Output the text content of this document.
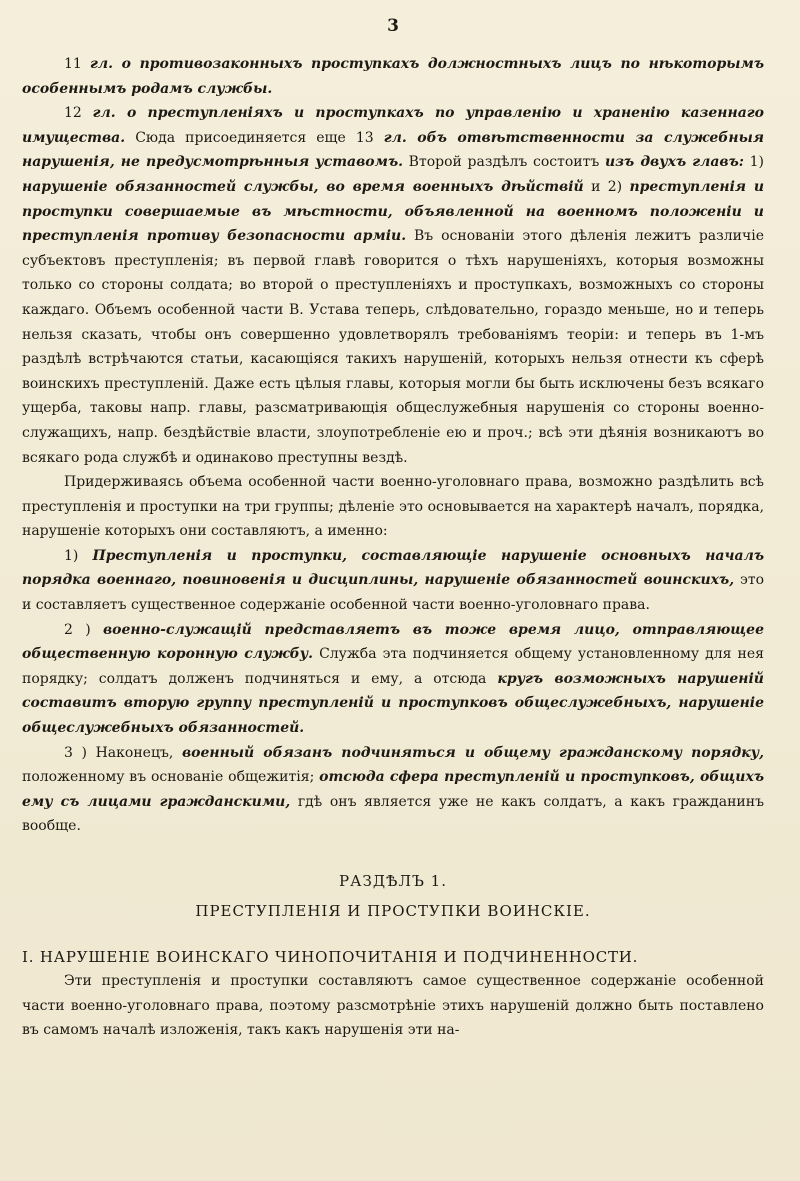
3

11 гл. о противозаконныхъ проступкахъ должностныхъ лицъ по нѣкоторымъ особеннымъ родамъ службы.

12 гл. о преступленіяхъ и проступкахъ по управленію и храненію казеннаго имущества. Сюда присоединяется еще 13 гл. объ отвѣтственности за служебныя нарушенія, не предусмотрѣнныя уставомъ. Второй раздѣлъ состоитъ изъ двухъ главъ: 1) нарушеніе обязанностей службы, во время военныхъ дѣйствій и 2) преступленія и проступки совершаемые въ мѣстности, объявленной на военномъ положеніи и преступленія противу безопасности арміи. Въ основаніи этого дѣленія лежитъ различіе субъектовъ преступленія; въ первой главѣ говорится о тѣхъ нарушеніяхъ, которыя возможны только со стороны солдата; во второй о преступленіяхъ и проступкахъ, возможныхъ со стороны каждаго. Объемъ особенной части В. Устава теперь, слѣдовательно, гораздо меньше, но и теперь нельзя сказать, чтобы онъ совершенно удовлетворялъ требованіямъ теоріи: и теперь въ 1-мъ раздѣлѣ встрѣчаются статьи, касающіяся такихъ нарушеній, которыхъ нельзя отнести къ сферѣ воинскихъ преступленій. Даже есть цѣлыя главы, которыя могли бы быть исключены безъ всякаго ущерба, таковы напр. главы, разсматривающія общеслужебныя нарушенія со стороны военно-служащихъ, напр. бездѣйствіе власти, злоупотребленіе ею и проч.; всѣ эти дѣянія возникаютъ во всякаго рода службѣ и одинаково преступны вездѣ.

Придерживаясь объема особенной части военно-уголовнаго права, возможно раздѣлить всѣ преступленія и проступки на три группы; дѣленіе это основывается на характерѣ началъ, порядка, нарушеніе которыхъ они составляютъ, а именно:

1) Преступленія и проступки, составляющіе нарушеніе основныхъ началъ порядка военнаго, повиновенія и дисциплины, нарушеніе обязанностей воинскихъ, это и составляетъ существенное содержаніе особенной части военно-уголовнаго права.

2 ) военно-служащій представляетъ въ тоже время лицо, отправляющее общественную коронную службу. Служба эта подчиняется общему установленному для нея порядку; солдатъ долженъ подчиняться и ему, а отсюда кругъ возможныхъ нарушеній составитъ вторую группу преступленій и проступковъ общеслужебныхъ, нарушеніе общеслужебныхъ обязанностей.

3 ) Наконецъ, военный обязанъ подчиняться и общему гражданскому порядку, положенному въ основаніе общежитія; отсюда сфера преступленій и проступковъ, общихъ ему съ лицами гражданскими, гдѣ онъ является уже не какъ солдатъ, а какъ гражданинъ вообще.

РАЗДѢЛЪ 1.
ПРЕСТУПЛЕНІЯ И ПРОСТУПКИ ВОИНСКІЕ.
I. НАРУШЕНІЕ ВОИНСКАГО ЧИНОПОЧИТАНІЯ И ПОДЧИНЕННОСТИ.

Эти преступленія и проступки составляютъ самое существенное содержаніе особенной части военно-уголовнаго права, поэтому разсмотрѣніе этихъ нарушеній должно быть поставлено въ самомъ началѣ изложенія, такъ какъ нарушенія эти на-
